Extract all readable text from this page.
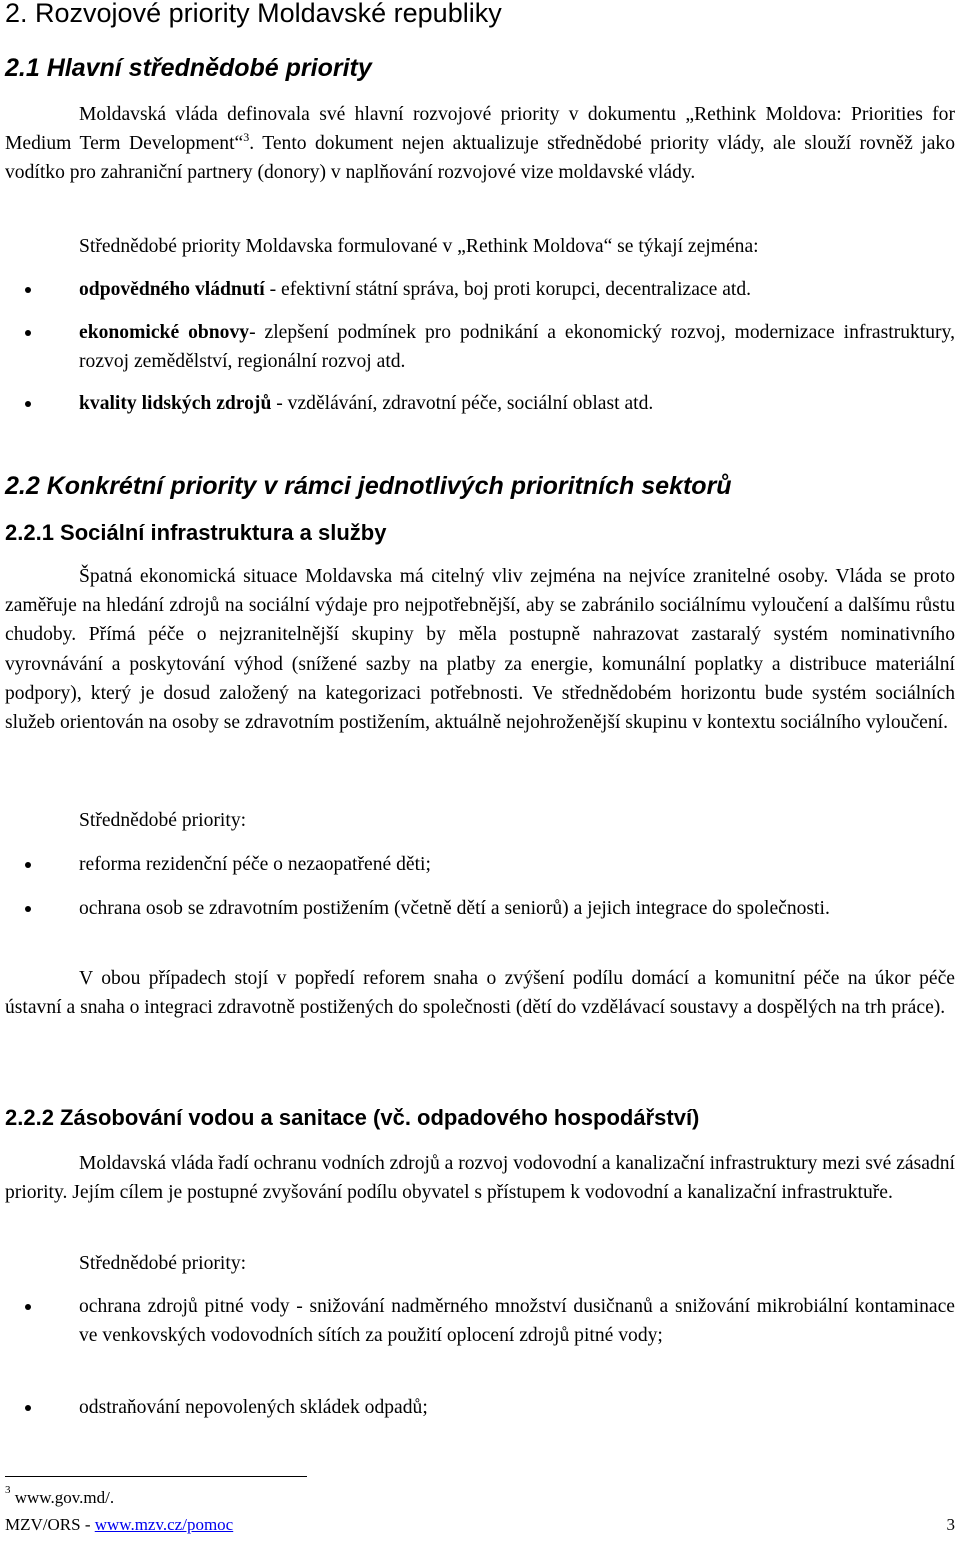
2. Rozvojové priority Moldavské republiky
2.1 Hlavní střednědobé priority

Moldavská vláda definovala své hlavní rozvojové priority v dokumentu „Rethink Moldova: Priorities for Medium Term Development“$^3$. Tento dokument nejen aktualizuje střednědobé priority vlády, ale slouží rovněž jako vodítko pro zahraniční partnery (donory) v naplňování rozvojové vize moldavské vlády.

Střednědobé priority Moldavska formulované v „Rethink Moldova“ se týkají zejména:

odpovědného vládnutí - efektivní státní správa, boj proti korupci, decentralizace atd.
ekonomické obnovy- zlepšení podmínek pro podnikání a ekonomický rozvoj, modernizace infrastruktury, rozvoj zemědělství, regionální rozvoj atd.
kvality lidských zdrojů - vzdělávání, zdravotní péče, sociální oblast atd.
2.2 Konkrétní priority v rámci jednotlivých prioritních sektorů
2.2.1 Sociální infrastruktura a služby

Špatná ekonomická situace Moldavska má citelný vliv zejména na nejvíce zranitelné osoby. Vláda se proto zaměřuje na hledání zdrojů na sociální výdaje pro nejpotřebnější, aby se zabránilo sociálnímu vyloučení a dalšímu růstu chudoby. Přímá péče o nejzranitelnější skupiny by měla postupně nahrazovat zastaralý systém nominativního vyrovnávání a poskytování výhod (snížené sazby na platby za energie, komunální poplatky a distribuce materiální podpory), který je dosud založený na kategorizaci potřebnosti. Ve střednědobém horizontu bude systém sociálních služeb orientován na osoby se zdravotním postižením, aktuálně nejohroženější skupinu v kontextu sociálního vyloučení.

Střednědobé priority:

reforma rezidenční péče o nezaopatřené děti;
ochrana osob se zdravotním postižením (včetně dětí a seniorů) a jejich integrace do společnosti.

V obou případech stojí v popředí reforem snaha o zvýšení podílu domácí a komunitní péče na úkor péče ústavní a snaha o integraci zdravotně postižených do společnosti (dětí do vzdělávací soustavy a dospělých na trh práce).

2.2.2 Zásobování vodou a sanitace (vč. odpadového hospodářství)

Moldavská vláda řadí ochranu vodních zdrojů a rozvoj vodovodní a kanalizační infrastruktury mezi své zásadní priority. Jejím cílem je postupné zvyšování podílu obyvatel s přístupem k vodovodní a kanalizační infrastruktuře.

Střednědobé priority:

ochrana zdrojů pitné vody - snižování nadměrného množství dusičnanů a snižování mikrobiální kontaminace ve venkovských vodovodních sítích za použití oplocení zdrojů pitné vody;
odstraňování nepovolených skládek odpadů;
$^3$ www.gov.md/.
MZV/ORS - www.mzv.cz/pomoc	3
